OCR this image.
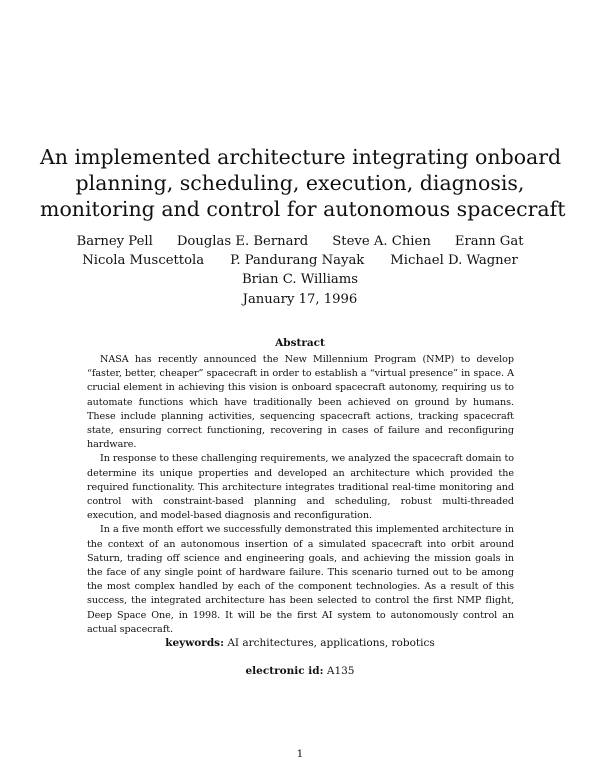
An implemented architecture integrating onboard
planning, scheduling, execution, diagnosis,
monitoring and control for autonomous spacecraft
Barney Pell Douglas E. Bernard Steve A. Chien Erann Gat
Nicola Muscettola P. Pandurang Nayak Michael D. Wagner
Brian C. Williams
January 17, 1996
Abstract

NASA has recently announced the New Millennium Program (NMP) to develop “faster, better, cheaper” spacecraft in order to establish a “virtual presence” in space. A crucial element in achieving this vision is onboard spacecraft autonomy, requiring us to automate functions which have traditionally been achieved on ground by humans. These include planning activities, sequencing spacecraft actions, tracking spacecraft state, ensuring correct functioning, recovering in cases of failure and reconfiguring hardware.

In response to these challenging requirements, we analyzed the spacecraft domain to determine its unique properties and developed an architecture which provided the required functionality. This architecture integrates traditional real-time monitoring and control with constraint-based planning and scheduling, robust multi-threaded execution, and model-based diagnosis and reconfiguration.

In a five month effort we successfully demonstrated this implemented architecture in the context of an autonomous insertion of a simulated spacecraft into orbit around Saturn, trading off science and engineering goals, and achieving the mission goals in the face of any single point of hardware failure. This scenario turned out to be among the most complex handled by each of the component technologies. As a result of this success, the integrated architecture has been selected to control the first NMP flight, Deep Space One, in 1998. It will be the first AI system to autonomously control an actual spacecraft.

keywords: AI architectures, applications, robotics
electronic id: A135
1
